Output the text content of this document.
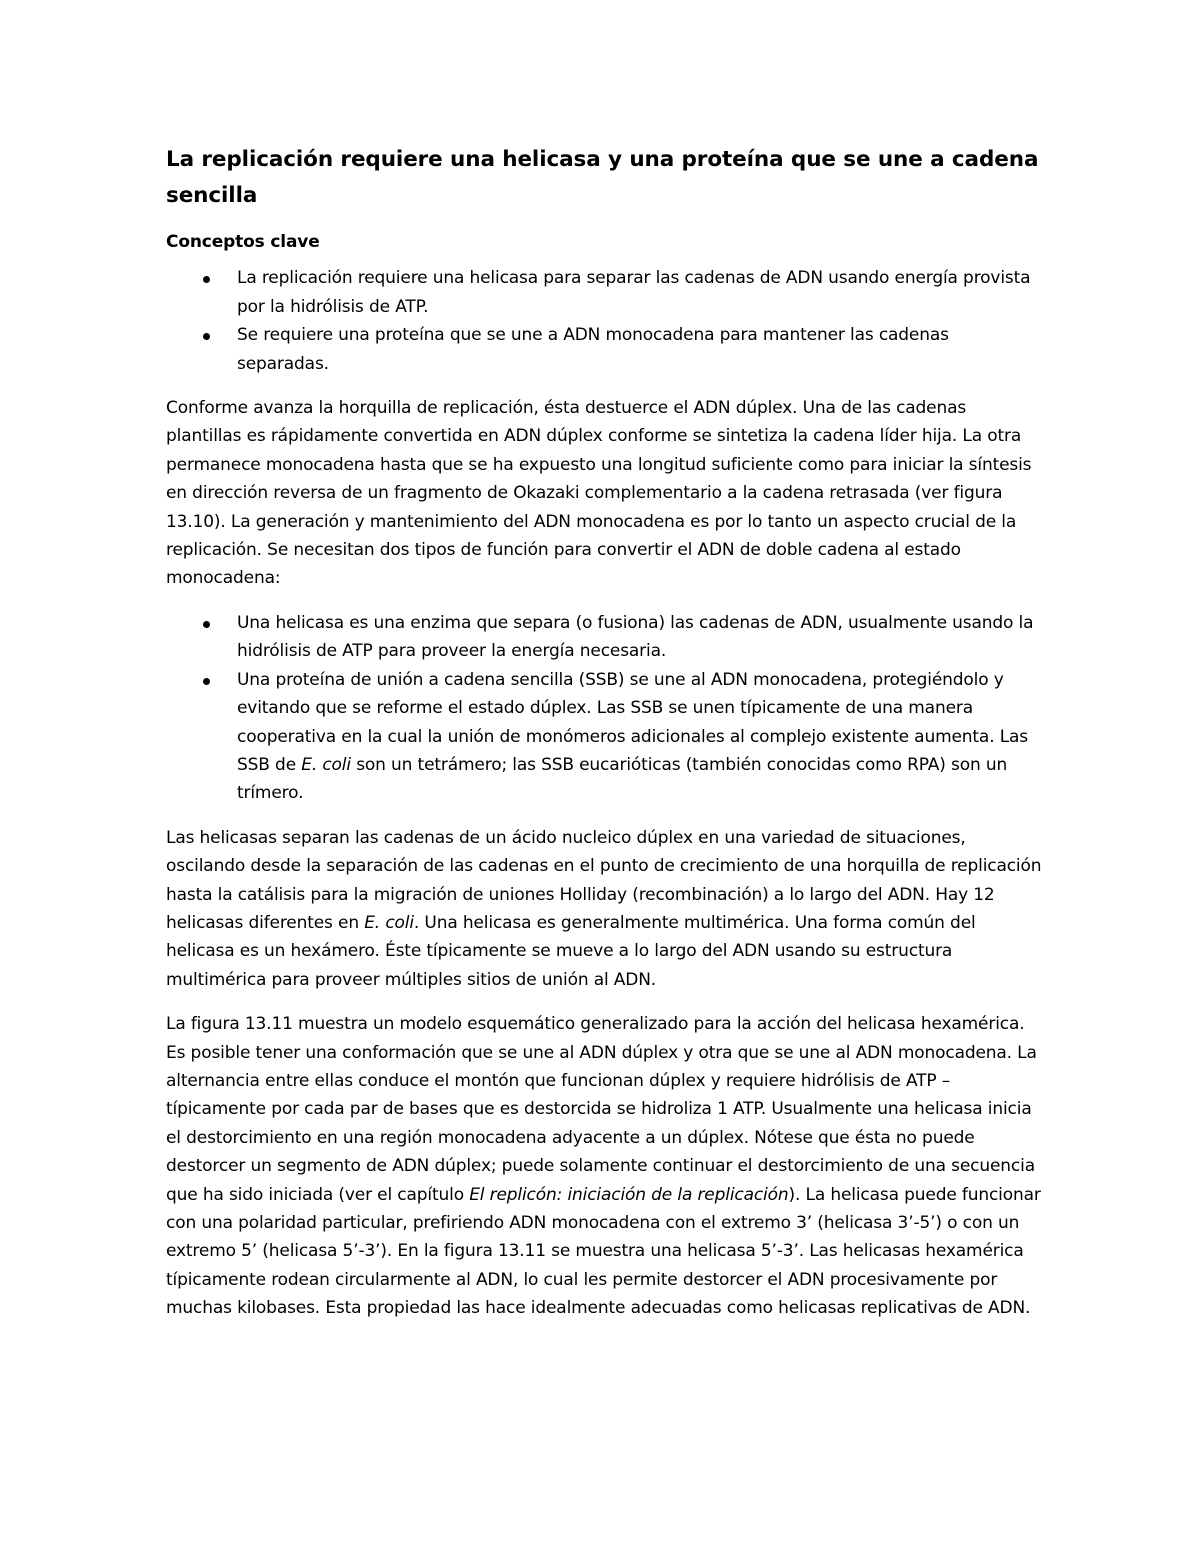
La replicación requiere una helicasa y una proteína que se une a cadena sencilla
Conceptos clave
La replicación requiere una helicasa para separar las cadenas de ADN usando energía provista por la hidrólisis de ATP.
Se requiere una proteína que se une a ADN monocadena para mantener las cadenas separadas.

Conforme avanza la horquilla de replicación, ésta destuerce el ADN dúplex. Una de las cadenas plantillas es rápidamente convertida en ADN dúplex conforme se sintetiza la cadena líder hija. La otra permanece monocadena hasta que se ha expuesto una longitud suficiente como para iniciar la síntesis en dirección reversa de un fragmento de Okazaki complementario a la cadena retrasada (ver figura 13.10). La generación y mantenimiento del ADN monocadena es por lo tanto un aspecto crucial de la replicación. Se necesitan dos tipos de función para convertir el ADN de doble cadena al estado monocadena:

Una helicasa es una enzima que separa (o fusiona) las cadenas de ADN, usualmente usando la hidrólisis de ATP para proveer la energía necesaria.
Una proteína de unión a cadena sencilla (SSB) se une al ADN monocadena, protegiéndolo y evitando que se reforme el estado dúplex. Las SSB se unen típicamente de una manera cooperativa en la cual la unión de monómeros adicionales al complejo existente aumenta. Las SSB de E. coli son un tetrámero; las SSB eucarióticas (también conocidas como RPA) son un trímero.

Las helicasas separan las cadenas de un ácido nucleico dúplex en una variedad de situaciones, oscilando desde la separación de las cadenas en el punto de crecimiento de una horquilla de replicación hasta la catálisis para la migración de uniones Holliday (recombinación) a lo largo del ADN. Hay 12 helicasas diferentes en E. coli. Una helicasa es generalmente multimérica. Una forma común del helicasa es un hexámero. Éste típicamente se mueve a lo largo del ADN usando su estructura multimérica para proveer múltiples sitios de unión al ADN.

La figura 13.11 muestra un modelo esquemático generalizado para la acción del helicasa hexamérica. Es posible tener una conformación que se une al ADN dúplex y otra que se une al ADN monocadena. La alternancia entre ellas conduce el montón que funcionan dúplex y requiere hidrólisis de ATP – típicamente por cada par de bases que es destorcida se hidroliza 1 ATP. Usualmente una helicasa inicia el destorcimiento en una región monocadena adyacente a un dúplex. Nótese que ésta no puede destorcer un segmento de ADN dúplex; puede solamente continuar el destorcimiento de una secuencia que ha sido iniciada (ver el capítulo El replicón: iniciación de la replicación). La helicasa puede funcionar con una polaridad particular, prefiriendo ADN monocadena con el extremo 3’ (helicasa 3’-5’) o con un extremo 5’ (helicasa 5’-3’). En la figura 13.11 se muestra una helicasa 5’-3’. Las helicasas hexamérica típicamente rodean circularmente al ADN, lo cual les permite destorcer el ADN procesivamente por muchas kilobases. Esta propiedad las hace idealmente adecuadas como helicasas replicativas de ADN.
